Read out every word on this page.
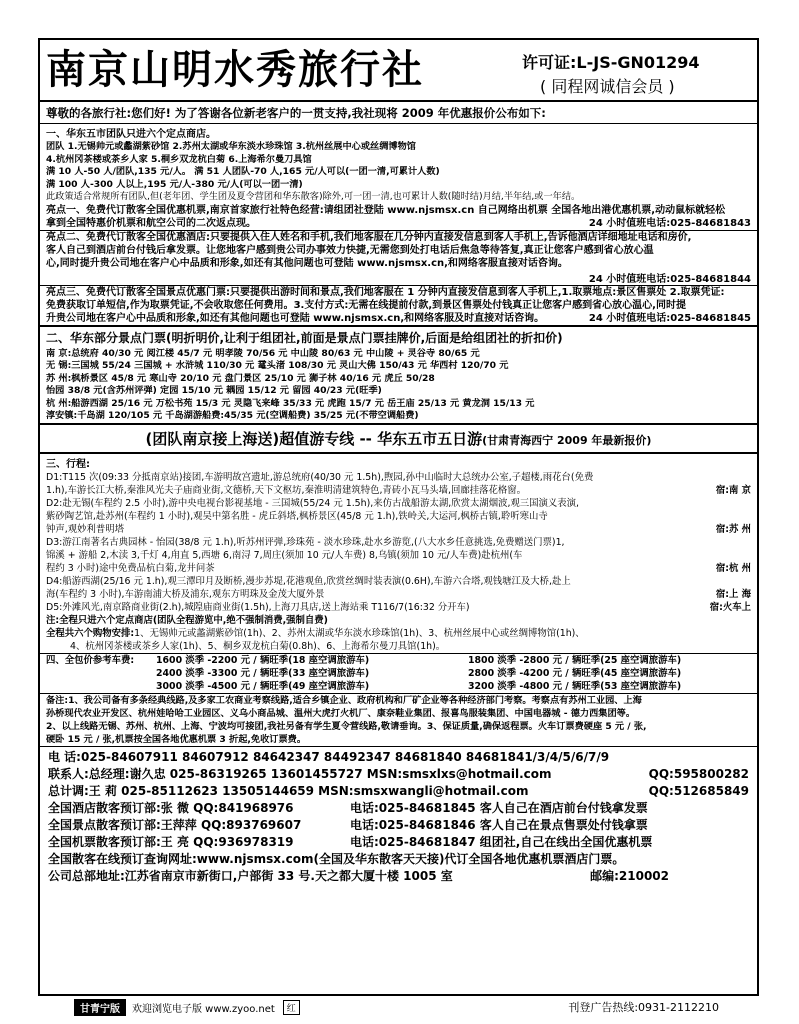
南京山明水秀旅行社	许可证:L-JS-GN01294
( 同程网诚信会员 )
尊敬的各旅行社:您们好! 为了答谢各位新老客户的一贯支持,我社现将 2009 年优惠报价公布如下:
一、华东五市团队只进六个定点商店。
团队 1.无锡帅元或蠡湖紫砂馆 2.苏州太湖或华东淡水珍珠馆 3.杭州丝展中心或丝绸博物馆
4.杭州冈茶楼或茶乡人家 5.桐乡双龙杭白菊 6.上海希尔曼刀具馆
满 10 人-50 人/团队,135 元/人。 满 51 人团队-70 人,165 元/人可以(一团一清,可累计人数)
满 100 人-300 人以上,195 元/人-380 元/人(可以一团一清)
此政策适合常规所有团队,但(老年团、学生团及夏令营团和华东散客)除外,可一团一清,也可累计人数(随时结)月结,半年结,或一年结。
亮点一、免费代订散客全国优惠机票,南京首家旅行社特色经营:请组团社登陆 www.njsmsx.cn 自己网络出机票 全国各地出港优惠机票,动动鼠标就轻松
拿到全国特惠价机票和航空公司的二次返点现。	24 小时值班电话:025-84681843
亮点二、免费代订散客全国优惠酒店:只要提供入住人姓名和手机,我们地客服在几分钟内直接发信息到客人手机上,告诉他酒店详细地址电话和房价,
客人自己到酒店前台付钱后拿发票。让您地客户感到贵公司办事效力快捷,无需您到处打电话后焦急等待答复,真正让您客户感到省心放心温
心,同时提升贵公司地在客户心中品质和形象,如还有其他问题也可登陆 www.njsmsx.cn,和网络客服直接对话咨询。
24 小时值班电话:025-84681844
亮点三、免费代订散客全国景点优惠门票:只要提供出游时间和景点,我们地客服在 1 分钟内直接发信息到客人手机上,1.取票地点:景区售票处 2.取票凭证:
免费获取订单短信,作为取票凭证,不会收取您任何费用。3.支付方式:无需在线提前付款,到景区售票处付钱真正让您客户感到省心放心温心,同时提
升贵公司地在客户心中品质和形象,如还有其他问题也可登陆 www.njsmsx.cn,和网络客服及时直接对话咨询。	24 小时值班电话:025-84681845
二、华东部分景点门票(明折明价,让利于组团社,前面是景点门票挂牌价,后面是给组团社的折扣价)
南 京:总统府 40/30 元 阅江楼 45/7 元 明孝陵 70/56 元 中山陵 80/63 元 中山陵 + 灵谷寺 80/65 元
无 锡:三国城 55/24 三国城 + 水浒城 110/30 元 鼋头渚 108/30 元 灵山大佛 150/43 元 华西村 120/70 元
苏 州:枫桥景区 45/8 元 寒山寺 20/10 元 盘门景区 25/10 元 狮子林 40/16 元 虎丘 50/28
怡园 38/8 元(含苏州评弹) 定园 15/10 元 耦园 15/12 元 留园 40/23 元(旺季)
杭 州:船游西湖 25/16 元 万松书苑 15/3 元 灵隐飞来峰 35/33 元 虎跑 15/7 元 岳王庙 25/13 元 黄龙洞 15/13 元
淳安镇:千岛湖 120/105 元 千岛湖游船费:45/35 元(空调船费) 35/25 元(不带空调船费)
(团队南京接上海送)超值游专线 -- 华东五市五日游(甘肃青海西宁 2009 年最新报价)
三、行程:
D1:T115 次(09:33 分抵南京站)接团,车游明故宫遗址,游总统府(40/30 元 1.5h),煦园,孙中山临时大总统办公室,子超楼,雨花台(免费
1.h),车游长江大桥,秦淮风光夫子庙商业街,文德桥,天下文枢坊,秦淮明清建筑特色,青砖小瓦马头墙,回廊挂落花格窗。	宿:南 京
D2:赴无锡(车程约 2.5 小时),游中央电视台影视基地 - 三国城(55/24 元 1.5h),来仿古战船游太湖,欣赏太湖烟波,观三国演义表演,
紫砂陶艺馆,赴苏州(车程约 1 小时),观吴中第名胜 - 虎丘斜塔,枫桥景区(45/8 元 1.h),铁岭关,大运河,枫桥古镇,聆听寒山寺
钟声,观妙利普明塔	宿:苏 州
D3:游江南著名古典园林 - 怡园(38/8 元 1.h),听苏州评弹,珍珠苑 - 淡水珍珠,赴水乡游览,(八大水乡任意挑选,免费赠送门票)1,
锦溪 + 游船 2,木渎 3,千灯 4,甪直 5,西塘 6,南浔 7,周庄(须加 10 元/人车费) 8,乌镇(须加 10 元/人车费)赴杭州(车
程约 3 小时)途中免费品杭白菊,龙井问茶	宿:杭 州
D4:船游西湖(25/16 元 1.h),观三潭印月及断桥,漫步苏堤,花港观鱼,欣赏丝绸时装表演(0.6H),车游六合塔,观钱塘江及大桥,赴上
海(车程约 3 小时),车游南浦大桥及浦东,观东方明珠及金茂大厦外景	宿:上 海
D5:外滩风光,南京路商业街(2.h),城隍庙商业街(1.5h),上海刀具店,送上海站乘 T116/7(16:32 分开车)	宿:火车上
注:全程只进六个定点商店(团队全程游览中,绝不强制消费,强制自费)
全程共六个购物安排:1、无锡帅元或蠡湖紫砂馆(1h)、2、苏州太湖或华东淡水珍珠馆(1h)、3、杭州丝展中心或丝绸博物馆(1h)、
4、杭州冈茶楼或茶乡人家(1h)、5、桐乡双龙杭白菊(0.8h)、6、上海希尔曼刀具馆(1h)。
四、全包价参考车费:	1600 淡季 -2200 元 / 辆旺季(18 座空调旅游车)	1800 淡季 -2800 元 / 辆旺季(25 座空调旅游车)
2400 淡季 -3300 元 / 辆旺季(33 座空调旅游车)	2800 淡季 -4200 元 / 辆旺季(45 座空调旅游车)
3000 淡季 -4500 元 / 辆旺季(49 座空调旅游车)	3200 淡季 -4800 元 / 辆旺季(53 座空调旅游车)
备注:1、我公司备有多条经典线路,及多家工农商业考察线路,适合乡镇企业、政府机构和厂矿企业等各种经济部门考察。考察点有苏州工业园、上海
孙桥现代农业开发区、杭州娃哈哈工业园区、义乌小商品城、温州大虎打火机厂、康奈鞋业集团、报喜鸟服装集团、中国电器城 - 德力西集团等。
2、以上线路无锡、苏州、杭州、上海、宁波均可接团,我社另备有学生夏令营线路,敬请垂询。3、保证质量,确保返程票。火车订票费硬座 5 元 / 张,
硬卧 15 元 / 张,机票按全国各地优惠机票 3 折起,免收订票费。
电 话:025-84607911 84607912 84642347 84492347 84681840 84681841/3/4/5/6/7/9
联系人:总经理:谢久忠 025-86319265 13601455727 MSN:smsxlxs@hotmail.com	QQ:595800282
总计调:王 莉 025-85112623 13505144659 MSN:smsxwangli@hotmail.com	QQ:512685849
全国酒店散客预订部:张 微 QQ:841968976	电话:025-84681845 客人自己在酒店前台付钱拿发票
全国景点散客预订部:王萍萍 QQ:893769607	电话:025-84681846 客人自己在景点售票处付钱拿票
全国机票散客预订部:王 亮 QQ:936978319	电话:025-84681847 组团社,自己在线出全国优惠机票
全国散客在线预订查询网址:www.njsmsx.com(全国及华东散客天天接)代订全国各地优惠机票酒店门票。
公司总部地址:江苏省南京市新街口,户部街 33 号.天之都大厦十楼 1005 室	邮编:210002
甘青宁版	欢迎浏览电子版 www.zyoo.net	红	刊登广告热线:0931-2112210
